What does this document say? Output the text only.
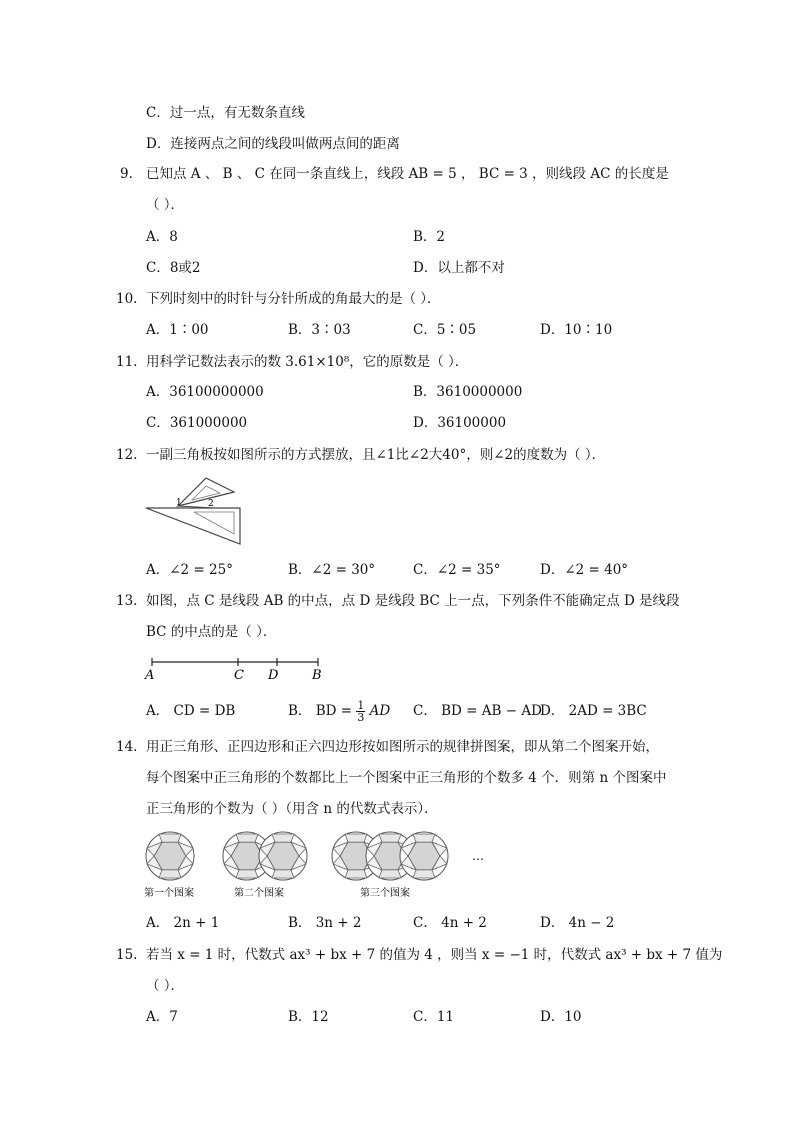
C．过一点，有无数条直线
D．连接两点之间的线段叫做两点间的距离
9. 已知点 A 、 B 、 C 在同一条直线上，线段 AB = 5 ， BC = 3 ，则线段 AC 的长度是
（ ）．
A．8	B．2
C．8或2	D．以上都不对
10. 下列时刻中的时针与分针所成的角最大的是（ ）．
A．1∶00	B．3∶03	C．5∶05	D．10∶10
11. 用科学记数法表示的数 3.61×10⁸，它的原数是（ ）．
A．36100000000	B．3610000000
C．361000000	D．36100000
12. 一副三角板按如图所示的方式摆放，且∠1比∠2大40°，则∠2的度数为（ ）．
1	2
A．∠2 = 25°	B．∠2 = 30°	C．∠2 = 35°	D．∠2 = 40°
13. 如图，点 C 是线段 AB 的中点，点 D 是线段 BC 上一点，下列条件不能确定点 D 是线段
BC 的中点的是（ ）．
A	C D	B
A． CD = DB	B． BD = $\frac{1}{3}$ AD C． BD = AB − AD
D． 2AD = 3BC
14. 用正三角形、正四边形和正六四边形按如图所示的规律拼图案，即从第二个图案开始，
每个图案中正三角形的个数都比上一个图案中正三角形的个数多 4 个．则第 n 个图案中
正三角形的个数为（ ）（用含 n 的代数式表示）．
第一个图案	第二个图案	第三个图案
…
A． 2n + 1	B． 3n + 2	C． 4n + 2	D． 4n − 2
15. 若当 x = 1 时，代数式 ax³ + bx + 7 的值为 4 ，则当 x = −1 时，代数式 ax³ + bx + 7 值为
（ ）．
A．7	B．12	C．11	D．10
